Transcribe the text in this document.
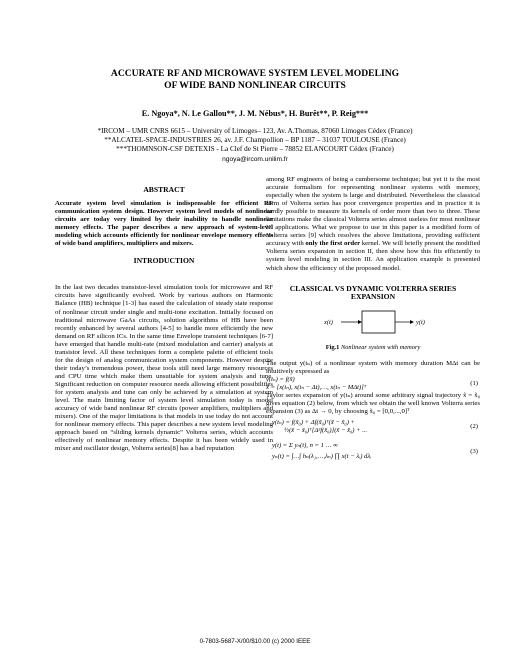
ACCURATE RF AND MICROWAVE SYSTEM LEVEL MODELING
OF WIDE BAND NONLINEAR CIRCUITS
E. Ngoya*, N. Le Gallou**, J. M. Nébus*, H. Burêt**, P. Reig***
*IRCOM – UMR CNRS 6615 – University of Limoges– 123, Av. A.Thomas, 87060 Limoges Cédex (France)
**ALCATEL-SPACE-INDUSTRIES 26, av. J.F. Champollion – BP 1187 – 31037 TOULOUSE (France)
***THOMNSON-CSF DETEXIS - La Clef de St Pierre – 78852 ELANCOURT Cédex (France)
ngoya@ircom.unilim.fr

ABSTRACT

Accurate system level simulation is indispensable for efficient RF communication system design. However system level models of nonlinear circuits are today very limited by their inability to handle nonlinear memory effects. The paper describes a new approach of system-level modeling which accounts efficiently for nonlinear envelope memory effects of wide band amplifiers, multipliers and mixers.

INTRODUCTION

In the last two decades transistor-level simulation tools for microwave and RF circuits have significantly evolved. Work by various authors on Harmonic Balance (HB) technique [1-3] has eased the calculation of steady state response of nonlinear circuit under single and multi-tone excitation. Initially focused on traditional microwave GaAs circuits, solution algorithms of HB have been recently enhanced by several authors [4-5] to handle more efficiently the new demand on RF silicon ICs. In the same time Envelope transient techniques [6-7] have emerged that handle multi-rate (mixed modulation and carrier) analysis at transistor level. All these techniques form a complete palette of efficient tools for the design of analog communication system components. However despite their today’s tremendous power, these tools still need large memory resources and CPU time which make them unsuitable for system analysis and tune. Significant reduction on computer resource needs allowing efficient possibilities for system analysis and tune can only be achieved by a simulation at system level. The main limiting factor of system level simulation today is model accuracy of wide band nonlinear RF circuits (power amplifiers, multipliers and mixers). One of the major limitations is that models in use today do not account for nonlinear memory effects. This paper describes a new system level modeling approach based on “sliding kernels dynamic” Volterra series, which accounts effectively of nonlinear memory effects. Despite it has been widely used in mixer and oscillator design, Volterra series[8] has a bad reputation

among RF engineers of being a cumbersome technique; but yet it is the most accurate formalism for representing nonlinear systems with memory, especially when the system is large and distributed. Nevertheless the classical form of Volterra series has poor convergence properties and in practice it is hardly possible to measure its kernels of order more than two to three. These limitations make the classical Volterra series almost useless for most nonlinear IC applications. What we propose to use in this paper is a modified form of Volterra series [9] which resolves the above limitations, providing sufficient accuracy with only the first order kernel. We will briefly present the modified Volterra series expansion in section II, then show how this fits efficiently to system level modeling in section III. An application example is presented which show the efficiency of the proposed model.

CLASSICAL VS DYNAMIC VOLTERRA SERIES
EXPANSION

x(t)	y(t)
Fig.1 Nonlinear system with memory

The output y(tₙ) of a nonlinear system with memory duration MΔt can be intuitively expressed as

y(tₙ) = f(x̃)
x̃ = [x(tₙ), x(tₙ − Δt),…, x(tₙ − MΔt)]ᵀ
(1)

Taylor series expansion of y(tₙ) around some arbitrary signal trajectory x̃ = x̃₀ gives equation (2) below, from which we obtain the well known Volterra series expansion (3) as Δt → 0, by choosing x̃₀ = [0,0,...,0]ᵀ

y(tₙ) = f(x̃₀) + Δf(x̃₀)ᵀ(x̃ − x̃₀) +
½(x̃ − x̃₀)ᵀ[Δ²f(x̃₀)](x̃ − x̃₀) + ...
(2)
y(t) = Σ yₙ(t), n = 1 … ∞
yₙ(t) = ∫…∫ hₙ(λ₁,…,λₙ) ∏ x(t − λᵢ) dλᵢ
(3)
0-7803-5687-X/00/$10.00 (c) 2000 IEEE
